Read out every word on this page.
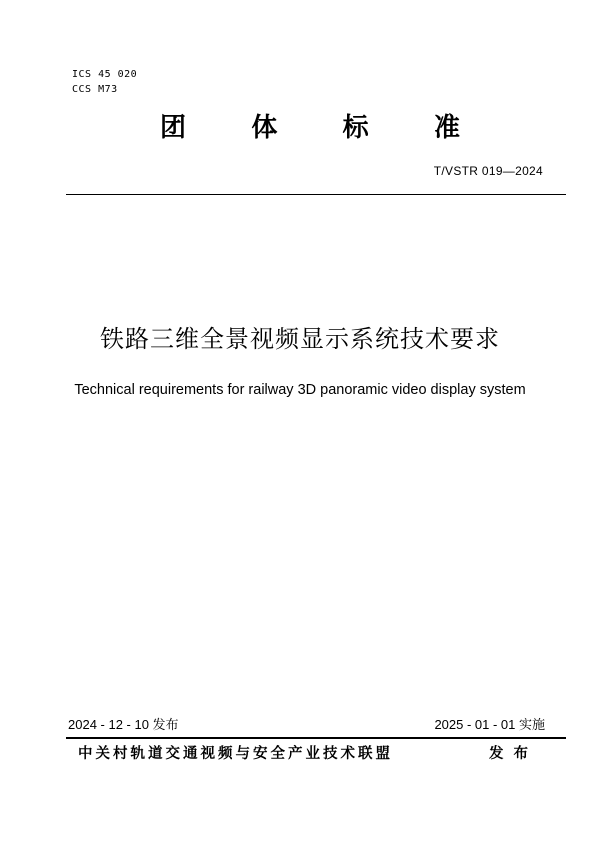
ICS 45 020
CCS M73
团	体	标	准
T/VSTR 019—2024
铁路三维全景视频显示系统技术要求
Technical requirements for railway 3D panoramic video display system
2024 - 12 - 10 发布	2025 - 01 - 01 实施
中关村轨道交通视频与安全产业技术联盟	发布
